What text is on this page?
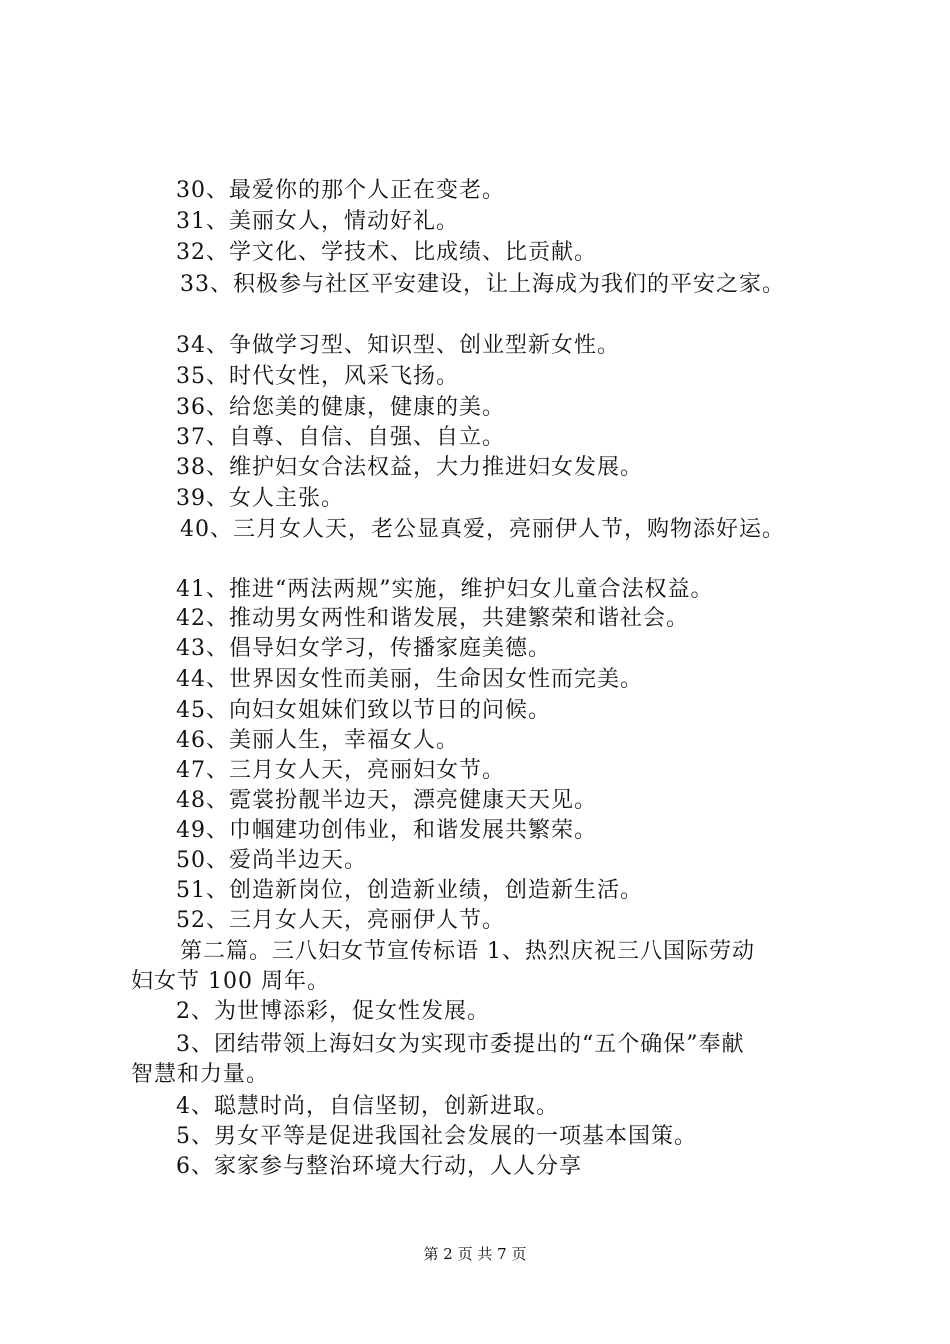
30、最爱你的那个人正在变老。
31、美丽女人，情动好礼。
32、学文化、学技术、比成绩、比贡献。
33、积极参与社区平安建设，让上海成为我们的平安之家。
34、争做学习型、知识型、创业型新女性。
35、时代女性，风采飞扬。
36、给您美的健康，健康的美。
37、自尊、自信、自强、自立。
38、维护妇女合法权益，大力推进妇女发展。
39、女人主张。
40、三月女人天，老公显真爱，亮丽伊人节，购物添好运。
41、推进“两法两规”实施，维护妇女儿童合法权益。
42、推动男女两性和谐发展，共建繁荣和谐社会。
43、倡导妇女学习，传播家庭美德。
44、世界因女性而美丽，生命因女性而完美。
45、向妇女姐妹们致以节日的问候。
46、美丽人生，幸福女人。
47、三月女人天，亮丽妇女节。
48、霓裳扮靓半边天，漂亮健康天天见。
49、巾帼建功创伟业，和谐发展共繁荣。
50、爱尚半边天。
51、创造新岗位，创造新业绩，创造新生活。
52、三月女人天，亮丽伊人节。
第二篇。三八妇女节宣传标语 1、热烈庆祝三八国际劳动
妇女节 100 周年。
2、为世博添彩，促女性发展。
3、团结带领上海妇女为实现市委提出的“五个确保”奉献
智慧和力量。
4、聪慧时尚，自信坚韧，创新进取。
5、男女平等是促进我国社会发展的一项基本国策。
6、家家参与整治环境大行动，人人分享
第 2 页 共 7 页
